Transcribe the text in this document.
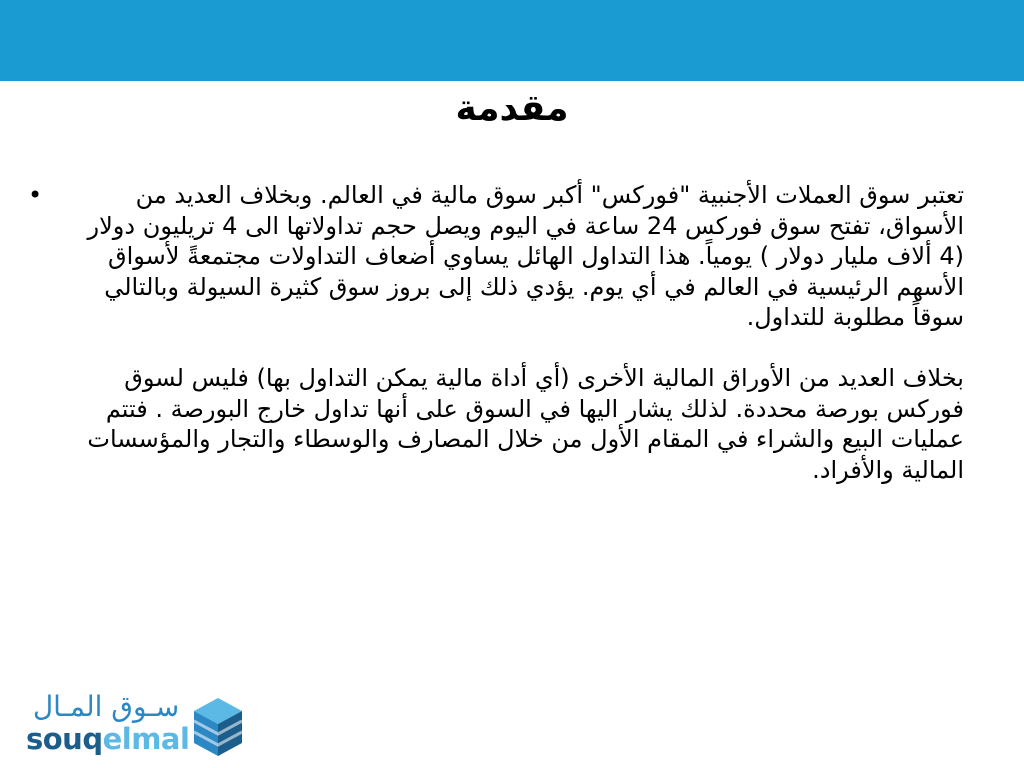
مقدمة

•	تعتبر سوق العملات الأجنبية "فوركس" أكبر سوق مالية في العالم. وبخلاف العديد من الأسواق، تفتح سوق فوركس 24 ساعة في اليوم ويصل حجم تداولاتها الى 4 تريليون دولار (4 ألاف مليار دولار ) يومياً. هذا التداول الهائل يساوي أضعاف التداولات مجتمعةً لأسواق الأسهم الرئيسية في العالم في أي يوم. يؤدي ذلك إلى بروز سوق كثيرة السيولة وبالتالي سوقاً مطلوبة للتداول.

بخلاف العديد من الأوراق المالية الأخرى (أي أداة مالية يمكن التداول بها) فليس لسوق فوركس بورصة محددة. لذلك يشار اليها في السوق على أنها تداول خارج البورصة . فتتم عمليات البيع والشراء في المقام الأول من خلال المصارف والوسطاء والتجار والمؤسسات المالية والأفراد.

سـوق المـال
souqelmal
